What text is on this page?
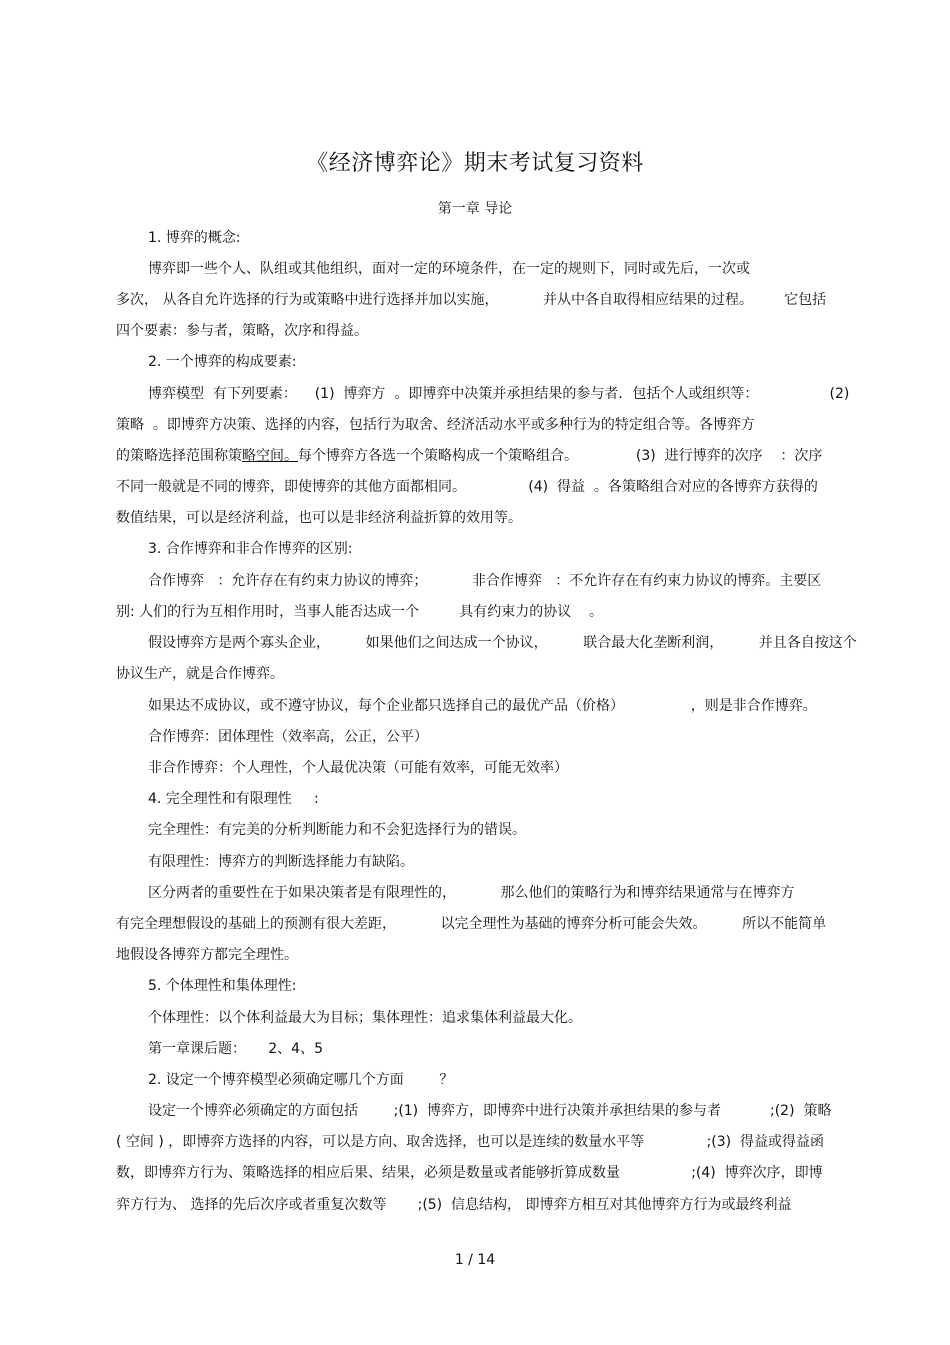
《经济博弈论》期末考试复习资料
第一章 导论

1. 博弈的概念:

博弈即一些个人、队组或其他组织，面对一定的环境条件，在一定的规则下，同时或先后，一次或

多次， 从各自允许选择的行为或策略中进行选择并加以实施，          并从中各自取得相应结果的过程。       它包括

四个要素：参与者，策略，次序和得益。

2. 一个博弈的构成要素:

博弈模型  有下列要素：    (1)  博弈方  。即博弈中决策并承担结果的参与者．包括个人或组织等：                (2)

策略  。即博弈方决策、选择的内容，包括行为取舍、经济活动水平或多种行为的特定组合等。各博弈方

的策略选择范围称策略空间。每个博弈方各选一个策略构成一个策略组合。             (3)  进行博弈的次序    ：次序

不同一般就是不同的博弈，即使博弈的其他方面都相同。              (4)  得益  。各策略组合对应的各博弈方获得的

数值结果，可以是经济利益，也可以是非经济利益折算的效用等。

3. 合作博弈和非合作博弈的区别:

合作博弈   ：允许存在有约束力协议的博弈；          非合作博弈   ：不允许存在有约束力协议的博弈。主要区

别: 人们的行为互相作用时，当事人能否达成一个         具有约束力的协议    。

假设博弈方是两个寡头企业，        如果他们之间达成一个协议，        联合最大化垄断利润，        并且各自按这个

协议生产，就是合作博弈。

如果达不成协议，或不遵守协议，每个企业都只选择自己的最优产品（价格）               ，则是非合作博弈。

合作博弈：团体理性（效率高，公正，公平）

非合作博弈：个人理性，个人最优决策（可能有效率，可能无效率）

4. 完全理性和有限理性     :

完全理性：有完美的分析判断能力和不会犯选择行为的错误。

有限理性：博弈方的判断选择能力有缺陷。

区分两者的重要性在于如果决策者是有限理性的，          那么他们的策略行为和博弈结果通常与在博弈方

有完全理想假设的基础上的预测有很大差距，          以完全理性为基础的博弈分析可能会失效。        所以不能简单

地假设各博弈方都完全理性。

5. 个体理性和集体理性:

个体理性：以个体利益最大为目标；集体理性：追求集体利益最大化。

第一章课后题：     2、4、5

2. 设定一个博弈模型必须确定哪几个方面        ？

设定一个博弈必须确定的方面包括        ;(1)  博弈方，即博弈中进行决策并承担结果的参与者           ;(2)  策略

( 空间 ) ，即博弈方选择的内容，可以是方向、取舍选择，也可以是连续的数量水平等              ;(3)  得益或得益函

数，即博弈方行为、策略选择的相应后果、结果，必须是数量或者能够折算成数量                ;(4)  博弈次序，即博

弈方行为、 选择的先后次序或者重复次数等       ;(5)  信息结构， 即博弈方相互对其他博弈方行为或最终利益

1 / 14
